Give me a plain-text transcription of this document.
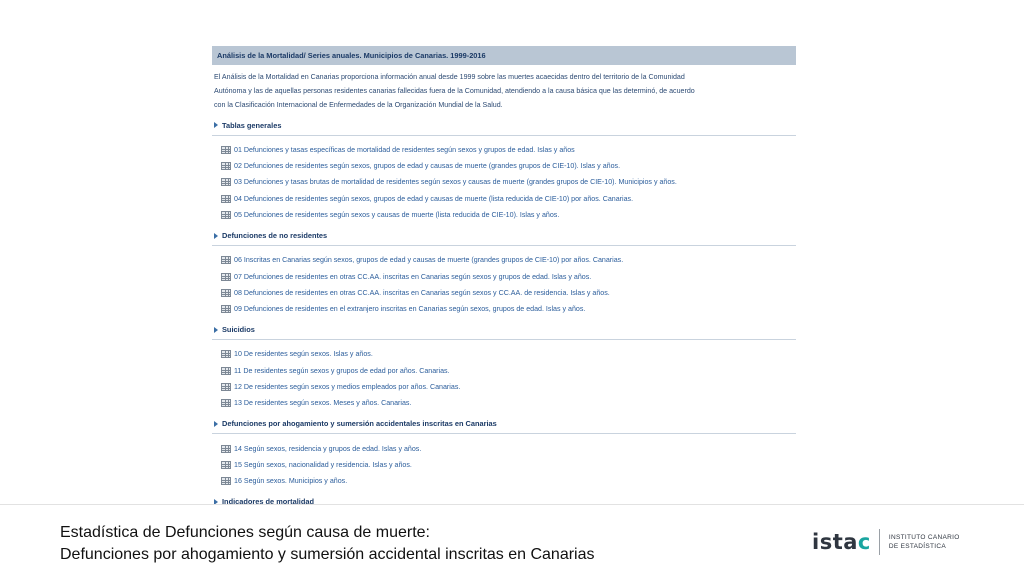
Análisis de la Mortalidad/ Series anuales. Municipios de Canarias. 1999-2016

El Análisis de la Mortalidad en Canarias proporciona información anual desde 1999 sobre las muertes acaecidas dentro del territorio de la Comunidad

Autónoma y las de aquellas personas residentes canarias fallecidas fuera de la Comunidad, atendiendo a la causa básica que las determinó, de acuerdo

con la Clasificación Internacional de Enfermedades de la Organización Mundial de la Salud.

Tablas generales
01 Defunciones y tasas específicas de mortalidad de residentes según sexos y grupos de edad. Islas y años
02 Defunciones de residentes según sexos, grupos de edad y causas de muerte (grandes grupos de CIE-10). Islas y años.
03 Defunciones y tasas brutas de mortalidad de residentes según sexos y causas de muerte (grandes grupos de CIE-10). Municipios y años.
04 Defunciones de residentes según sexos, grupos de edad y causas de muerte (lista reducida de CIE-10) por años. Canarias.
05 Defunciones de residentes según sexos y causas de muerte (lista reducida de CIE-10). Islas y años.
Defunciones de no residentes
06 Inscritas en Canarias según sexos, grupos de edad y causas de muerte (grandes grupos de CIE-10) por años. Canarias.
07 Defunciones de residentes en otras CC.AA. inscritas en Canarias según sexos y grupos de edad. Islas y años.
08 Defunciones de residentes en otras CC.AA. inscritas en Canarias según sexos y CC.AA. de residencia. Islas y años.
09 Defunciones de residentes en el extranjero inscritas en Canarias según sexos, grupos de edad. Islas y años.
Suicidios
10 De residentes según sexos. Islas y años.
11 De residentes según sexos y grupos de edad por años. Canarias.
12 De residentes según sexos y medios empleados por años. Canarias.
13 De residentes según sexos. Meses y años. Canarias.
Defunciones por ahogamiento y sumersión accidentales inscritas en Canarias
14 Según sexos, residencia y grupos de edad. Islas y años.
15 Según sexos, nacionalidad y residencia. Islas y años.
16 Según sexos. Municipios y años.
Indicadores de mortalidad
Estadística de Defunciones según causa de muerte:
Defunciones por ahogamiento y sumersión accidental inscritas en Canarias
istac	INSTITUTO CANARIO
DE ESTADÍSTICA
